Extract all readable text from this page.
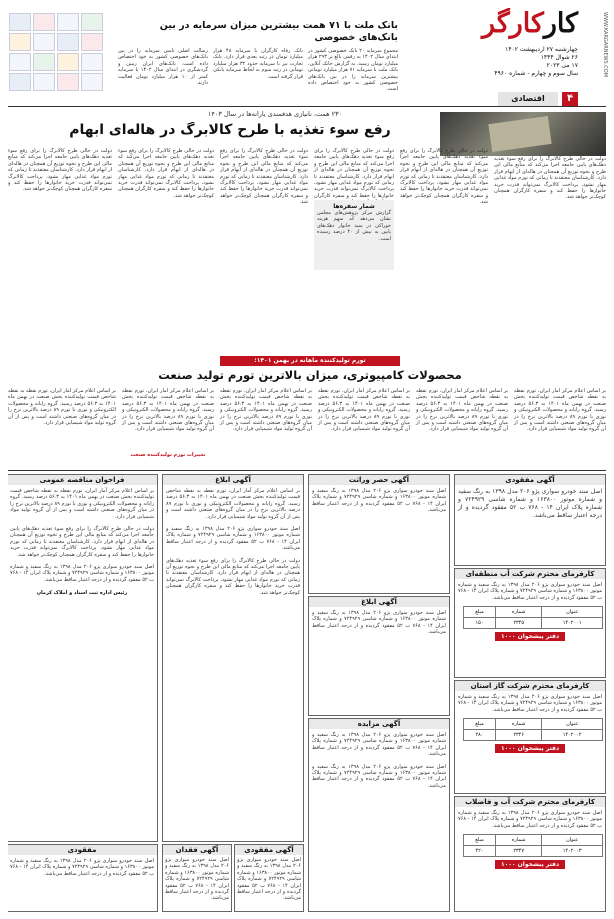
کارکارگر
چهارشنبه ۲۷ اردیبهشت ۱۴۰۲
۲۶ شوال ۱۴۴۴
۱۷ می ۲۰۲۳
سال سوم و چهارم - شماره ۴۹۶۰
۴
اقتصادی
WWW.KARGARNEWS.COM
بانک ملت با ۷۱ همت بیشترین میزان سرمایه در بین بانک‌های خصوصی
مجموع سرمایه ۲۰ بانک خصوصی کشور در ابتدای سال ۱۴۰۲ به رقمی بالغ بر ۲۹۳ هزار میلیارد تومان رسید. به گزارش جانک آنلاین، بانک ملت با سرمایه ۷۱ هزار میلیارد تومانی بیشترین سرمایه را در بین بانک‌های خصوصی کشور به خود اختصاص داده است.
بانک رفاه کارگران با سرمایه ۴۸ هزار میلیارد تومان در رتبه بعدی قرار دارد. بانک تجارت نیز با سرمایه حدود ۳۲ هزار میلیارد تومانی در رتبه سوم به لحاظ سرمایه بانکی قرار گرفته است.
رسالت اصلی تامین سرمایه را در بین بانک‌های خصوصی کشور به خود اختصاص داده است. بانک‌های ایران زمین و گردشگری در ابتدای سال ۱۴۰۲ با سرمایه کمتر از ۱۰ هزار میلیارد تومان فعالیت دارند.

۲۳۰ همت، نانیازی هدفمندی یارانه‌ها در سال ۱۴۰۳
رفع سوء تغذیه با طرح کالابرگ در هاله‌ای ابهام
دولت در حالی طرح کالابرگ را برای رفع سوء تغذیه دهک‌های پایین جامعه اجرا می‌کند که منابع مالی این طرح و نحوه توزیع آن همچنان در هاله‌ای از ابهام قرار دارد. کارشناسان معتقدند تا زمانی که تورم مواد غذایی مهار نشود، پرداخت کالابرگ نمی‌تواند قدرت خرید خانوارها را حفظ کند و سفره کارگران همچنان کوچک‌تر خواهد شد.
دولت در حالی طرح کالابرگ را برای رفع سوء تغذیه دهک‌های پایین جامعه اجرا می‌کند که منابع مالی این طرح و نحوه توزیع آن همچنان در هاله‌ای از ابهام قرار دارد. کارشناسان معتقدند تا زمانی که تورم مواد غذایی مهار نشود، پرداخت کالابرگ نمی‌تواند قدرت خرید خانوارها را حفظ کند و سفره کارگران همچنان کوچک‌تر خواهد شد.
دولت در حالی طرح کالابرگ را برای رفع سوء تغذیه دهک‌های پایین جامعه اجرا می‌کند که منابع مالی این طرح و نحوه توزیع آن همچنان در هاله‌ای از ابهام قرار دارد. کارشناسان معتقدند تا زمانی که تورم مواد غذایی مهار نشود، پرداخت کالابرگ نمی‌تواند قدرت خرید خانوارها را حفظ کند و سفره کارگران
شمار سفره‌ها
گزارش مرکز پژوهش‌های مجلس نشان می‌دهد که سهم هزینه خوراکی در سبد خانوار دهک‌های پایین به بیش از ۴۰ درصد رسیده است.
دولت در حالی طرح کالابرگ را برای رفع سوء تغذیه دهک‌های پایین جامعه اجرا می‌کند که منابع مالی این طرح و نحوه توزیع آن همچنان در هاله‌ای از ابهام قرار دارد. کارشناسان معتقدند تا زمانی که تورم مواد غذایی مهار نشود، پرداخت کالابرگ نمی‌تواند قدرت خرید خانوارها را حفظ کند و سفره کارگران همچنان کوچک‌تر خواهد شد.
دولت در حالی طرح کالابرگ را برای رفع سوء تغذیه دهک‌های پایین جامعه اجرا می‌کند که منابع مالی این طرح و نحوه توزیع آن همچنان در هاله‌ای از ابهام قرار دارد. کارشناسان معتقدند تا زمانی که تورم مواد غذایی مهار نشود، پرداخت کالابرگ نمی‌تواند قدرت خرید خانوارها را حفظ کند و سفره کارگران همچنان کوچک‌تر خواهد شد.
دولت در حالی طرح کالابرگ را برای رفع سوء تغذیه دهک‌های پایین جامعه اجرا می‌کند که منابع مالی این طرح و نحوه توزیع آن همچنان در هاله‌ای از ابهام قرار دارد. کارشناسان معتقدند تا زمانی که تورم مواد غذایی مهار نشود، پرداخت کالابرگ نمی‌تواند قدرت خرید خانوارها را حفظ کند و سفره کارگران همچنان کوچک‌تر خواهد شد.
تورم تولیدکننده ماهانه در بهمن ۱۴۰۱:
محصولات کامپیوتری، میزان بالاترین تورم تولید صنعت
بر اساس اعلام مرکز آمار ایران، تورم نقطه به نقطه شاخص قیمت تولیدکننده بخش صنعت در بهمن ماه ۱۴۰۱ به ۵۶.۳ درصد رسید. گروه رایانه و محصولات الکترونیکی و نوری با تورم ۸۹ درصد بالاترین نرخ را در میان گروه‌های صنعتی داشته است و پس از آن گروه تولید مواد شیمیایی قرار دارد.
بر اساس اعلام مرکز آمار ایران، تورم نقطه به نقطه شاخص قیمت تولیدکننده بخش صنعت در بهمن ماه ۱۴۰۱ به ۵۶.۳ درصد رسید. گروه رایانه و محصولات الکترونیکی و نوری با تورم ۸۹ درصد بالاترین نرخ را در میان گروه‌های صنعتی داشته است و پس از آن گروه تولید مواد شیمیایی قرار دارد.
بر اساس اعلام مرکز آمار ایران، تورم نقطه به نقطه شاخص قیمت تولیدکننده بخش صنعت در بهمن ماه ۱۴۰۱ به ۵۶.۳ درصد رسید. گروه رایانه و محصولات الکترونیکی و نوری با تورم ۸۹ درصد بالاترین نرخ را در میان گروه‌های صنعتی داشته است و پس از آن گروه تولید مواد شیمیایی قرار دارد.
بر اساس اعلام مرکز آمار ایران، تورم نقطه به نقطه شاخص قیمت تولیدکننده بخش صنعت در بهمن ماه ۱۴۰۱ به ۵۶.۳ درصد رسید. گروه رایانه و محصولات الکترونیکی و نوری با تورم ۸۹ درصد بالاترین نرخ را در میان گروه‌های صنعتی داشته است و پس از آن گروه تولید مواد شیمیایی قرار دارد.
بر اساس اعلام مرکز آمار ایران، تورم نقطه به نقطه شاخص قیمت تولیدکننده بخش صنعت در بهمن ماه ۱۴۰۱ به ۵۶.۳ درصد رسید. گروه رایانه و محصولات الکترونیکی و نوری با تورم ۸۹ درصد بالاترین نرخ را در میان گروه‌های صنعتی داشته است و پس از آن گروه تولید مواد شیمیایی قرار دارد.
تغییرات تورم تولیدکننده صنعت
بر اساس اعلام مرکز آمار ایران، تورم نقطه به نقطه شاخص قیمت تولیدکننده بخش صنعت در بهمن ماه ۱۴۰۱ به ۵۶.۳ درصد رسید. گروه رایانه و محصولات الکترونیکی و نوری با تورم ۸۹ درصد بالاترین نرخ را در میان گروه‌های صنعتی داشته است و پس از آن گروه تولید مواد شیمیایی قرار دارد.
آگهی مفقودی
اصل سند خودرو سواری پژو ۲۰۶ مدل ۱۳۹۸ به رنگ سفید و شماره موتور ۱۶۳۸۰۰ و شماره شاسی ۷۲۴۹۲۹ و شماره پلاک ایران ۱۴ - ۷۶۸ ب ۵۲ مفقود گردیده و از درجه اعتبار ساقط می‌باشد.
کارفرمای محترم شرکت آب منطقه‌ای
اصل سند خودرو سواری پژو ۲۰۶ مدل ۱۳۹۸ به رنگ سفید و شماره موتور ۱۶۳۸۰۰ و شماره شاسی ۷۲۴۹۲۹ و شماره پلاک ایران ۱۴ - ۷۶۸ ب ۵۲ مفقود گردیده و از درجه اعتبار ساقط می‌باشد.
عنوان	شماره	مبلغ
۱۴۰۲۰۰۱	۲۳۴۵	۱۵۰
دفتر پیشخوان ۱۰۰۰
کارفرمای محترم شرکت گاز استان
اصل سند خودرو سواری پژو ۲۰۶ مدل ۱۳۹۸ به رنگ سفید و شماره موتور ۱۶۳۸۰۰ و شماره شاسی ۷۲۴۹۲۹ و شماره پلاک ایران ۱۴ - ۷۶۸ ب ۵۲ مفقود گردیده و از درجه اعتبار ساقط می‌باشد.
عنوان	شماره	مبلغ
۱۴۰۲۰۰۲	۲۳۴۶	۲۸۰
دفتر پیشخوان ۱۰۰۰
کارفرمای محترم شرکت آب و فاضلاب
اصل سند خودرو سواری پژو ۲۰۶ مدل ۱۳۹۸ به رنگ سفید و شماره موتور ۱۶۳۸۰۰ و شماره شاسی ۷۲۴۹۲۹ و شماره پلاک ایران ۱۴ - ۷۶۸ ب ۵۲ مفقود گردیده و از درجه اعتبار ساقط می‌باشد.
عنوان	شماره	مبلغ
۱۴۰۲۰۰۳	۲۳۴۷	۴۲۰
دفتر پیشخوان ۱۰۰۰
آگهی حصر وراثت
اصل سند خودرو سواری پژو ۲۰۶ مدل ۱۳۹۸ به رنگ سفید و شماره موتور ۱۶۳۸۰۰ و شماره شاسی ۷۲۴۹۲۹ و شماره پلاک ایران ۱۴ - ۷۶۸ ب ۵۲ مفقود گردیده و از درجه اعتبار ساقط می‌باشد.
آگهی ابلاغ
اصل سند خودرو سواری پژو ۲۰۶ مدل ۱۳۹۸ به رنگ سفید و شماره موتور ۱۶۳۸۰۰ و شماره شاسی ۷۲۴۹۲۹ و شماره پلاک ایران ۱۴ - ۷۶۸ ب ۵۲ مفقود گردیده و از درجه اعتبار ساقط می‌باشد.
آگهی مزایده
اصل سند خودرو سواری پژو ۲۰۶ مدل ۱۳۹۸ به رنگ سفید و شماره موتور ۱۶۳۸۰۰ و شماره شاسی ۷۲۴۹۲۹ و شماره پلاک ایران ۱۴ - ۷۶۸ ب ۵۲ مفقود گردیده و از درجه اعتبار ساقط می‌باشد.
اصل سند خودرو سواری پژو ۲۰۶ مدل ۱۳۹۸ به رنگ سفید و شماره موتور ۱۶۳۸۰۰ و شماره شاسی ۷۲۴۹۲۹ و شماره پلاک ایران ۱۴ - ۷۶۸ ب ۵۲ مفقود گردیده و از درجه اعتبار ساقط می‌باشد.
آگهی ابلاغ
بر اساس اعلام مرکز آمار ایران، تورم نقطه به نقطه شاخص قیمت تولیدکننده بخش صنعت در بهمن ماه ۱۴۰۱ به ۵۶.۳ درصد رسید. گروه رایانه و محصولات الکترونیکی و نوری با تورم ۸۹ درصد بالاترین نرخ را در میان گروه‌های صنعتی داشته است و پس از آن گروه تولید مواد شیمیایی قرار دارد.
اصل سند خودرو سواری پژو ۲۰۶ مدل ۱۳۹۸ به رنگ سفید و شماره موتور ۱۶۳۸۰۰ و شماره شاسی ۷۲۴۹۲۹ و شماره پلاک ایران ۱۴ - ۷۶۸ ب ۵۲ مفقود گردیده و از درجه اعتبار ساقط می‌باشد.
دولت در حالی طرح کالابرگ را برای رفع سوء تغذیه دهک‌های پایین جامعه اجرا می‌کند که منابع مالی این طرح و نحوه توزیع آن همچنان در هاله‌ای از ابهام قرار دارد. کارشناسان معتقدند تا زمانی که تورم مواد غذایی مهار نشود، پرداخت کالابرگ نمی‌تواند قدرت خرید خانوارها را حفظ کند و سفره کارگران همچنان کوچک‌تر خواهد شد.
آگهی مفقودی
اصل سند خودرو سواری پژو ۲۰۶ مدل ۱۳۹۸ به رنگ سفید و شماره موتور ۱۶۳۸۰۰ و شماره شاسی ۷۲۴۹۲۹ و شماره پلاک ایران ۱۴ - ۷۶۸ ب ۵۲ مفقود گردیده و از درجه اعتبار ساقط می‌باشد.
آگهی فقدان
اصل سند خودرو سواری پژو ۲۰۶ مدل ۱۳۹۸ به رنگ سفید و شماره موتور ۱۶۳۸۰۰ و شماره شاسی ۷۲۴۹۲۹ و شماره پلاک ایران ۱۴ - ۷۶۸ ب ۵۲ مفقود گردیده و از درجه اعتبار ساقط می‌باشد.
فراخوان مناقصه عمومی
بر اساس اعلام مرکز آمار ایران، تورم نقطه به نقطه شاخص قیمت تولیدکننده بخش صنعت در بهمن ماه ۱۴۰۱ به ۵۶.۳ درصد رسید. گروه رایانه و محصولات الکترونیکی و نوری با تورم ۸۹ درصد بالاترین نرخ را در میان گروه‌های صنعتی داشته است و پس از آن گروه تولید مواد شیمیایی قرار دارد.
دولت در حالی طرح کالابرگ را برای رفع سوء تغذیه دهک‌های پایین جامعه اجرا می‌کند که منابع مالی این طرح و نحوه توزیع آن همچنان در هاله‌ای از ابهام قرار دارد. کارشناسان معتقدند تا زمانی که تورم مواد غذایی مهار نشود، پرداخت کالابرگ نمی‌تواند قدرت خرید خانوارها را حفظ کند و سفره کارگران همچنان کوچک‌تر خواهد شد.
اصل سند خودرو سواری پژو ۲۰۶ مدل ۱۳۹۸ به رنگ سفید و شماره موتور ۱۶۳۸۰۰ و شماره شاسی ۷۲۴۹۲۹ و شماره پلاک ایران ۱۴ - ۷۶۸ ب ۵۲ مفقود گردیده و از درجه اعتبار ساقط می‌باشد.
رئیس اداره ثبت اسناد و املاک کرمان
مفقودی
اصل سند خودرو سواری پژو ۲۰۶ مدل ۱۳۹۸ به رنگ سفید و شماره موتور ۱۶۳۸۰۰ و شماره شاسی ۷۲۴۹۲۹ و شماره پلاک ایران ۱۴ - ۷۶۸ ب ۵۲ مفقود گردیده و از درجه اعتبار ساقط می‌باشد.
